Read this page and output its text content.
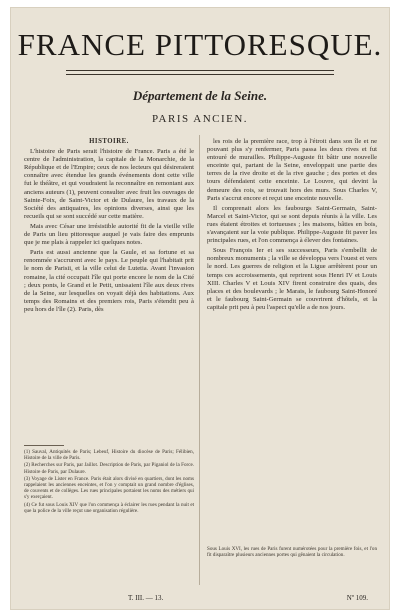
FRANCE PITTORESQUE.
Département de la Seine.
PARIS ANCIEN.
HISTOIRE.

L'histoire de Paris serait l'histoire de France. Paris a été le centre de l'administration, la capitale de la Monarchie, de la République et de l'Empire; ceux de nos lecteurs qui désireraient connaître avec étendue les grands événements dont cette ville fut le théâtre, et qui voudraient la reconnaître en remontant aux anciens auteurs (1), peuvent consulter avec fruit les ouvrages de Sainte-Foix, de Saint-Victor et de Dulaure, les travaux de la Société des antiquaires, les opinions diverses, ainsi que les recueils qui se sont succédé sur cette matière.

Mais avec César une irrésistible autorité fit de la vieille ville de Paris un lieu pittoresque auquel je vais faire des emprunts que je me plais à rappeler ici quelques notes.

Paris est aussi ancienne que la Gaule, et sa fortune et sa renommée s'accrurent avec le pays. Le peuple qui l'habitait prit le nom de Parisii, et la ville celui de Lutetia. Avant l'invasion romaine, la cité occupait l'île qui porte encore le nom de la Cité ; deux ponts, le Grand et le Petit, unissaient l'île aux deux rives de la Seine, sur lesquelles on voyait déjà des habitations. Aux temps des Romains et des premiers rois, Paris s'étendit peu à peu hors de l'île (2). Paris, dès

les rois de la première race, trop à l'étroit dans son île et ne pouvant plus s'y renfermer, Paris passa les deux rives et fut entouré de murailles. Philippe-Auguste fit bâtir une nouvelle enceinte qui, partant de la Seine, enveloppait une partie des terres de la rive droite et de la rive gauche ; des portes et des tours défendaient cette enceinte. Le Louvre, qui devint la demeure des rois, se trouvait hors des murs. Sous Charles V, Paris s'accrut encore et reçut une enceinte nouvelle.

Il comprenait alors les faubourgs Saint-Germain, Saint-Marcel et Saint-Victor, qui se sont depuis réunis à la ville. Les rues étaient étroites et tortueuses ; les maisons, bâties en bois, s'avançaient sur la voie publique. Philippe-Auguste fit paver les principales rues, et l'on commença à élever des fontaines.

Sous François Ier et ses successeurs, Paris s'embellit de nombreux monuments ; la ville se développa vers l'ouest et vers le nord. Les guerres de religion et la Ligue arrêtèrent pour un temps ces accroissements, qui reprirent sous Henri IV et Louis XIII. Charles V et Louis XIV firent construire des quais, des places et des boulevards ; le Marais, le faubourg Saint-Honoré et le faubourg Saint-Germain se couvrirent d'hôtels, et la capitale prit peu à peu l'aspect qu'elle a de nos jours.

(1) Sauval, Antiquités de Paris; Lebeuf, Histoire du diocèse de Paris; Félibien, Histoire de la ville de Paris.

(2) Recherches sur Paris, par Jaillot. Description de Paris, par Piganiol de la Force. Histoire de Paris, par Dulaure.

(3) Voyage de Lister en France. Paris était alors divisé en quartiers, dont les noms rappelaient les anciennes enceintes, et l'on y comptait un grand nombre d'églises, de couvents et de collèges. Les rues principales portaient les noms des métiers qui s'y exerçaient.

(4) Ce fut sous Louis XIV que l'on commença à éclairer les rues pendant la nuit et que la police de la ville reçut une organisation régulière.

Sous Louis XVI, les rues de Paris furent numérotées pour la première fois, et l'on fit disparaître plusieurs anciennes portes qui gênaient la circulation.

T. III. — 13.	Nº 109.
